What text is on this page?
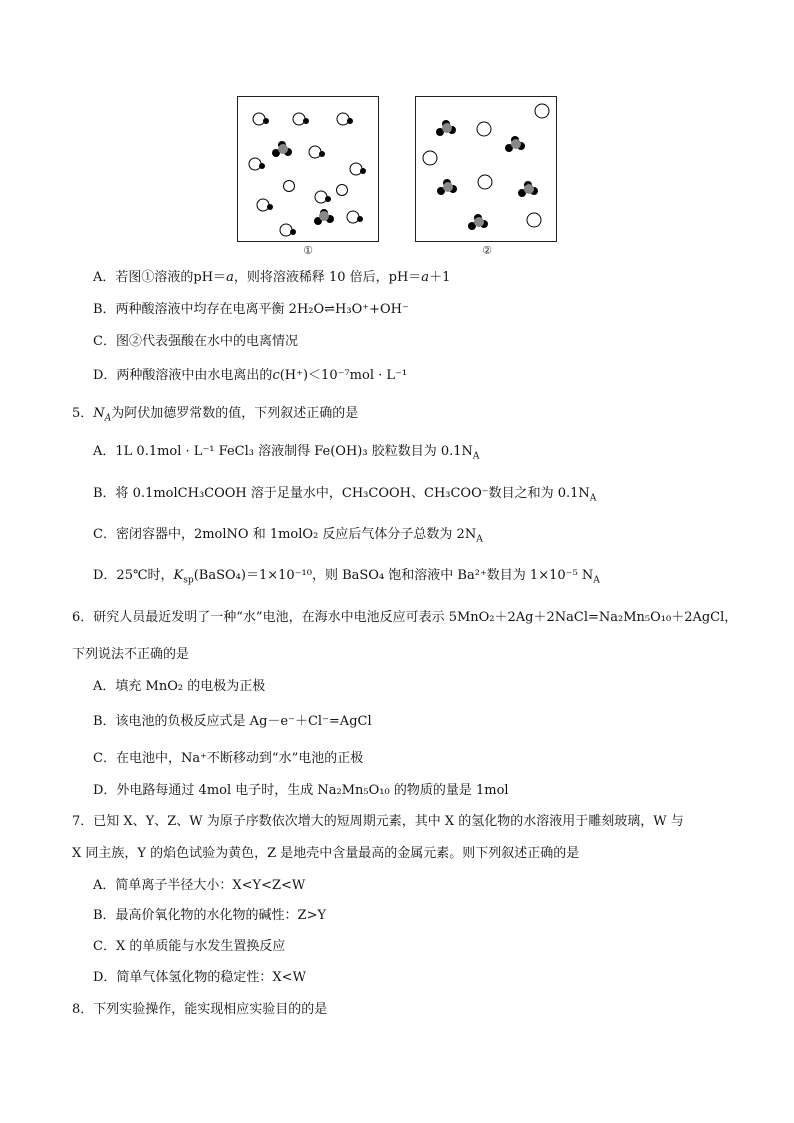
①	②
A．若图①溶液的pH＝a，则将溶液稀释 10 倍后，pH＝a＋1
B．两种酸溶液中均存在电离平衡 2H₂O⇌H₃O⁺+OH⁻
C．图②代表强酸在水中的电离情况
D．两种酸溶液中由水电离出的c(H⁺)＜10⁻⁷mol · L⁻¹
5．$N_A$为阿伏加德罗常数的值，下列叙述正确的是
A．1L 0.1mol · L⁻¹ FeCl₃ 溶液制得 Fe(OH)₃ 胶粒数目为 $0.1N_A$
B．将 0.1molCH₃COOH 溶于足量水中，CH₃COOH、CH₃COO⁻数目之和为 $0.1N_A$
C．密闭容器中，2molNO 和 1molO₂ 反应后气体分子总数为 $2N_A$
D．25℃时，$K_{sp}(BaSO_4)=1\times 10^{-10}$，则 BaSO₄ 饱和溶液中 Ba²⁺数目为 1×10⁻⁵ $N_A$
6．研究人员最近发明了一种“水”电池，在海水中电池反应可表示 5MnO₂＋2Ag＋2NaCl=Na₂Mn₅O₁₀＋2AgCl，
下列说法不正确的是
A．填充 MnO₂ 的电极为正极
B．该电池的负极反应式是 Ag－e⁻＋Cl⁻=AgCl
C．在电池中，Na⁺不断移动到“水”电池的正极
D．外电路每通过 4mol 电子时，生成 Na₂Mn₅O₁₀ 的物质的量是 1mol
7．已知 X、Y、Z、W 为原子序数依次增大的短周期元素，其中 X 的氢化物的水溶液用于雕刻玻璃，W 与
X 同主族，Y 的焰色试验为黄色，Z 是地壳中含量最高的金属元素。则下列叙述正确的是
A．简单离子半径大小：X<Y<Z<W
B．最高价氧化物的水化物的碱性：Z>Y
C．X 的单质能与水发生置换反应
D．简单气体氢化物的稳定性：X<W
8．下列实验操作，能实现相应实验目的的是
